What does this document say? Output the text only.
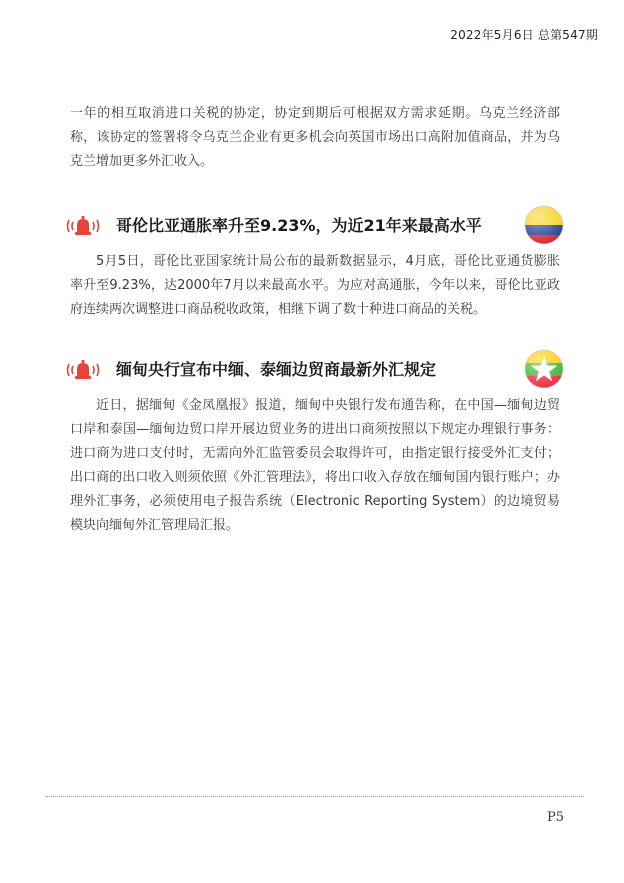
2022年5月6日 总第547期

一年的相互取消进口关税的协定，协定到期后可根据双方需求延期。乌克兰经济部称，该协定的签署将令乌克兰企业有更多机会向英国市场出口高附加值商品，并为乌克兰增加更多外汇收入。

哥伦比亚通胀率升至9.23%，为近21年来最高水平

5月5日，哥伦比亚国家统计局公布的最新数据显示，4月底，哥伦比亚通货膨胀率升至9.23%，达2000年7月以来最高水平。为应对高通胀，今年以来，哥伦比亚政府连续两次调整进口商品税收政策，相继下调了数十种进口商品的关税。

缅甸央行宣布中缅、泰缅边贸商最新外汇规定

近日，据缅甸《金凤凰报》报道，缅甸中央银行发布通告称，在中国—缅甸边贸口岸和泰国—缅甸边贸口岸开展边贸业务的进出口商须按照以下规定办理银行事务：进口商为进口支付时，无需向外汇监管委员会取得许可，由指定银行接受外汇支付；出口商的出口收入则须依照《外汇管理法》，将出口收入存放在缅甸国内银行账户；办理外汇事务，必须使用电子报告系统（Electronic Reporting System）的边境贸易模块向缅甸外汇管理局汇报。

P5
